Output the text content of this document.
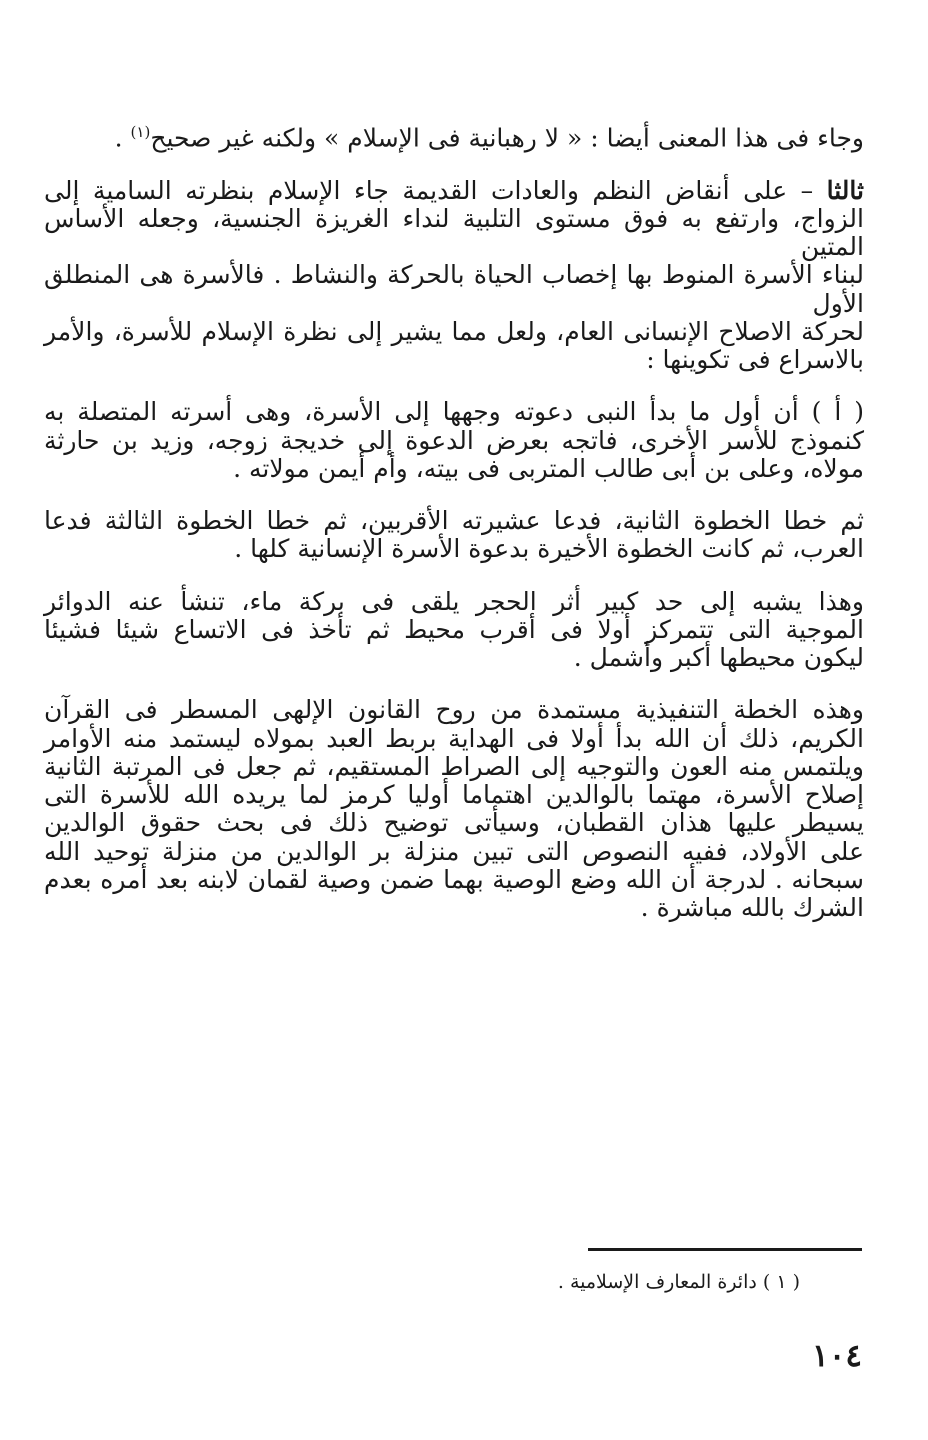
وجاء فى هذا المعنى أيضا : « لا رهبانية فى الإسلام » ولكنه غير صحيح$^{(١)}$ .
ثالثا – على أنقاض النظم والعادات القديمة جاء الإسلام بنظرته السامية إلى
الزواج، وارتفع به فوق مستوى التلبية لنداء الغريزة الجنسية، وجعله الأساس المتين
لبناء الأسرة المنوط بها إخصاب الحياة بالحركة والنشاط . فالأسرة هى المنطلق الأول
لحركة الاصلاح الإنسانى العام، ولعل مما يشير إلى نظرة الإسلام للأسرة، والأمر
بالاسراع فى تكوينها :
( أ ) أن أول ما بدأ النبى دعوته وجهها إلى الأسرة، وهى أسرته المتصلة به
كنموذج للأسر الأخرى، فاتجه بعرض الدعوة إلى خديجة زوجه، وزيد بن حارثة
مولاه، وعلى بن أبى طالب المتربى فى بيته، وأم أيمن مولاته .
ثم خطا الخطوة الثانية، فدعا عشيرته الأقربين، ثم خطا الخطوة الثالثة فدعا
العرب، ثم كانت الخطوة الأخيرة بدعوة الأسرة الإنسانية كلها .
وهذا يشبه إلى حد كبير أثر الحجر يلقى فى بركة ماء، تنشأ عنه الدوائر
الموجية التى تتمركز أولا فى أقرب محيط ثم تأخذ فى الاتساع شيئا فشيئا
ليكون محيطها أكبر وأشمل .
وهذه الخطة التنفيذية مستمدة من روح القانون الإلهى المسطر فى القرآن
الكريم، ذلك أن الله بدأ أولا فى الهداية بربط العبد بمولاه ليستمد منه الأوامر
ويلتمس منه العون والتوجيه إلى الصراط المستقيم، ثم جعل فى المرتبة الثانية
إصلاح الأسرة، مهتما بالوالدين اهتماما أوليا كرمز لما يريده الله للأسرة التى
يسيطر عليها هذان القطبان، وسيأتى توضيح ذلك فى بحث حقوق الوالدين
على الأولاد، ففيه النصوص التى تبين منزلة بر الوالدين من منزلة توحيد الله
سبحانه . لدرجة أن الله وضع الوصية بهما ضمن وصية لقمان لابنه بعد أمره بعدم
الشرك بالله مباشرة .
( ١ ) دائرة المعارف الإسلامية .
١٠٤
